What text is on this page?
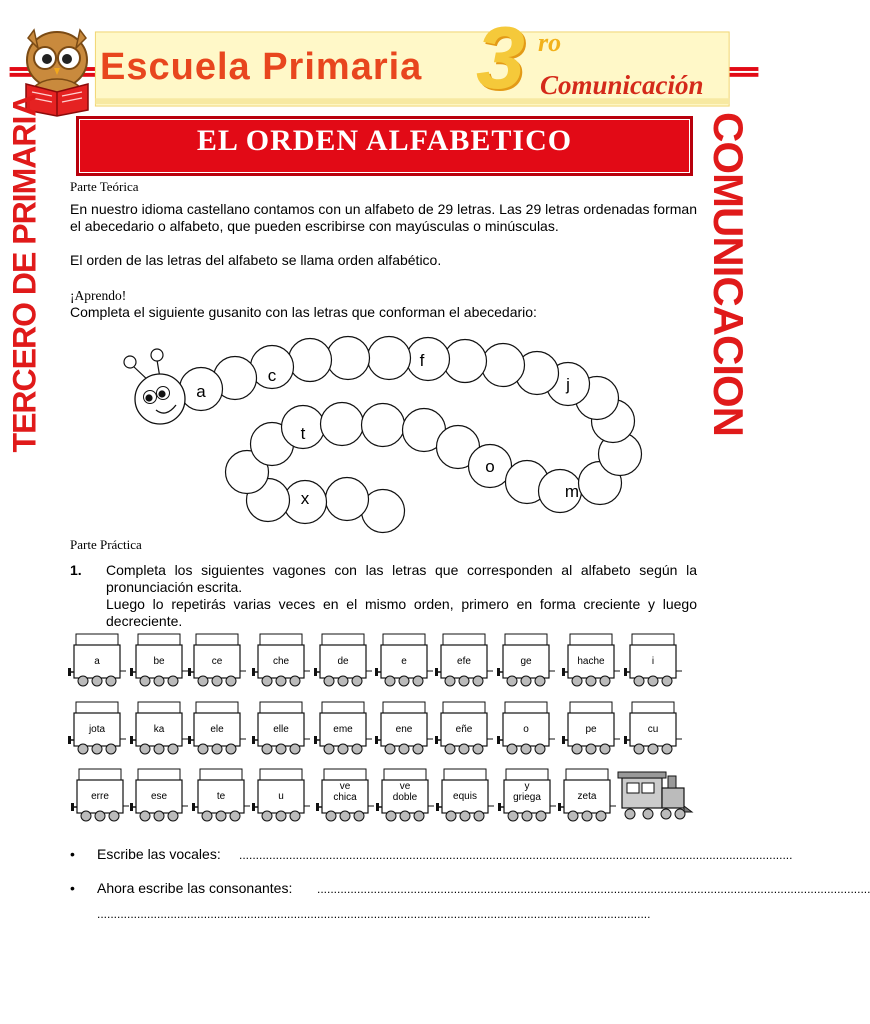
Escuela Primaria 3 ro
Comunicación
EL ORDEN ALFABETICO
TERCERO DE PRIMARIA	COMUNICACION
Parte Teórica
En nuestro idioma castellano contamos con un alfabeto de 29 letras. Las 29 letras ordenadas forman el abecedario o alfabeto, que pueden escribirse con mayúsculas o minúsculas.
El orden de las letras del alfabeto se llama orden alfabético.
¡Aprendo!
Completa el siguiente gusanito con las letras que conforman el abecedario:
a
c
f
j
t
o
m
x
Parte Práctica
1. Completa los siguientes vagones con las letras que corresponden al alfabeto según la pronunciación escrita.
Luego lo repetirás varias veces en el mismo orden, primero en forma creciente y luego decreciente.
a	be	ce	che	de	e	efe	ge	hache	i
jota	ka	ele	elle	eme	ene	eñe	o	pe	cu
erre	ese	te	u
ve
chica
ve
doble	equis
y
griega	zeta
• Escribe las vocales: ......................................................................................................................................................................
• Ahora escribe las consonantes: ......................................................................................................................................................................
......................................................................................................................................................................
